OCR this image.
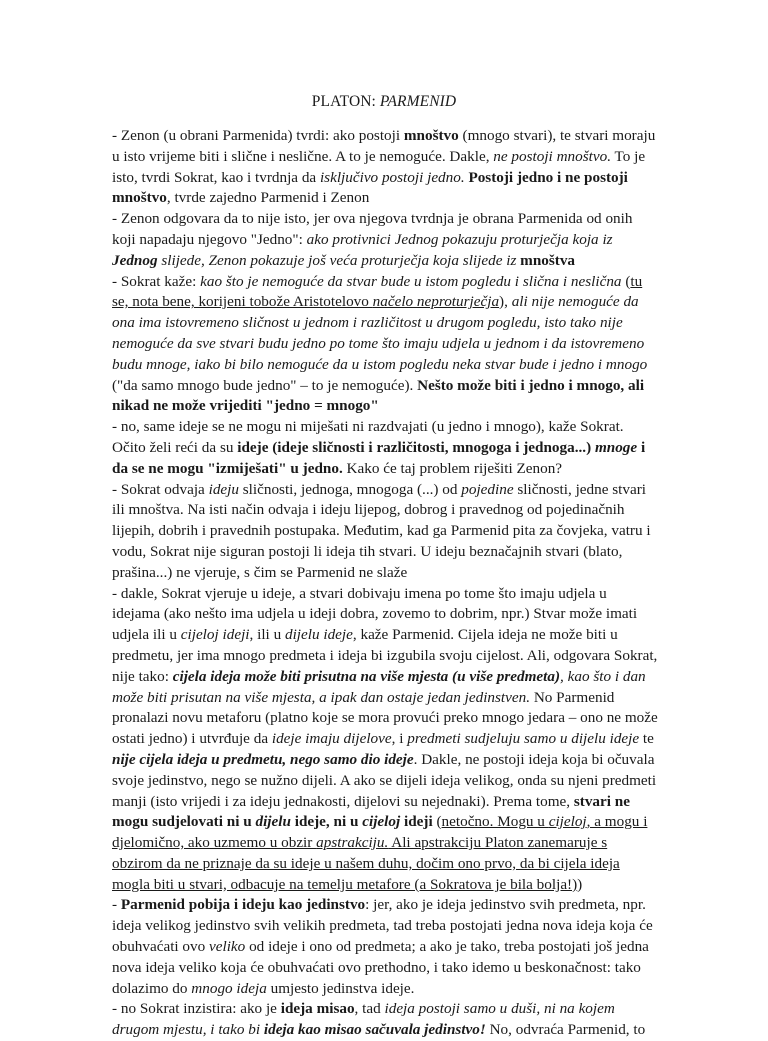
PLATON: PARMENID

- Zenon (u obrani Parmenida) tvrdi: ako postoji mnoštvo (mnogo stvari), te stvari moraju u isto vrijeme biti i slične i neslične. A to je nemoguće. Dakle, ne postoji mnoštvo. To je isto, tvrdi Sokrat, kao i tvrdnja da isključivo postoji jedno. Postoji jedno i ne postoji mnoštvo, tvrde zajedno Parmenid i Zenon

- Zenon odgovara da to nije isto, jer ova njegova tvrdnja je obrana Parmenida od onih koji napadaju njegovo "Jedno": ako protivnici Jednog pokazuju proturječja koja iz Jednog slijede, Zenon pokazuje još veća proturječja koja slijede iz mnoštva

- Sokrat kaže: kao što je nemoguće da stvar bude u istom pogledu i slična i neslična (tu se, nota bene, korijeni tobože Aristotelovo načelo neproturječja), ali nije nemoguće da ona ima istovremeno sličnost u jednom i različitost u drugom pogledu, isto tako nije nemoguće da sve stvari budu jedno po tome što imaju udjela u jednom i da istovremeno budu mnoge, iako bi bilo nemoguće da u istom pogledu neka stvar bude i jedno i mnogo ("da samo mnogo bude jedno" – to je nemoguće). Nešto može biti i jedno i mnogo, ali nikad ne može vrijediti "jedno = mnogo"

- no, same ideje se ne mogu ni miješati ni razdvajati (u jedno i mnogo), kaže Sokrat. Očito želi reći da su ideje (ideje sličnosti i različitosti, mnogoga i jednoga...) mnoge i da se ne mogu "izmiješati" u jedno. Kako će taj problem riješiti Zenon?

- Sokrat odvaja ideju sličnosti, jednoga, mnogoga (...) od pojedine sličnosti, jedne stvari ili mnoštva. Na isti način odvaja i ideju lijepog, dobrog i pravednog od pojedinačnih lijepih, dobrih i pravednih postupaka. Međutim, kad ga Parmenid pita za čovjeka, vatru i vodu, Sokrat nije siguran postoji li ideja tih stvari. U ideju beznačajnih stvari (blato, prašina...) ne vjeruje, s čim se Parmenid ne slaže

- dakle, Sokrat vjeruje u ideje, a stvari dobivaju imena po tome što imaju udjela u idejama (ako nešto ima udjela u ideji dobra, zovemo to dobrim, npr.) Stvar može imati udjela ili u cijeloj ideji, ili u dijelu ideje, kaže Parmenid. Cijela ideja ne može biti u predmetu, jer ima mnogo predmeta i ideja bi izgubila svoju cijelost. Ali, odgovara Sokrat, nije tako: cijela ideja može biti prisutna na više mjesta (u više predmeta), kao što i dan može biti prisutan na više mjesta, a ipak dan ostaje jedan jedinstven. No Parmenid pronalazi novu metaforu (platno koje se mora provući preko mnogo jedara – ono ne može ostati jedno) i utvrđuje da ideje imaju dijelove, i predmeti sudjeluju samo u dijelu ideje te nije cijela ideja u predmetu, nego samo dio ideje. Dakle, ne postoji ideja koja bi očuvala svoje jedinstvo, nego se nužno dijeli. A ako se dijeli ideja velikog, onda su njeni predmeti manji (isto vrijedi i za ideju jednakosti, dijelovi su nejednaki). Prema tome, stvari ne mogu sudjelovati ni u dijelu ideje, ni u cijeloj ideji (netočno. Mogu u cijeloj, a mogu i djelomično, ako uzmemo u obzir apstrakciju. Ali apstrakciju Platon zanemaruje s obzirom da ne priznaje da su ideje u našem duhu, dočim ono prvo, da bi cijela ideja mogla biti u stvari, odbacuje na temelju metafore (a Sokratova je bila bolja!))

- Parmenid pobija i ideju kao jedinstvo: jer, ako je ideja jedinstvo svih predmeta, npr. ideja velikog jedinstvo svih velikih predmeta, tad treba postojati jedna nova ideja koja će obuhvaćati ovo veliko od ideje i ono od predmeta; a ako je tako, treba postojati još jedna nova ideja veliko koja će obuhvaćati ovo prethodno, i tako idemo u beskonačnost: tako dolazimo do mnogo ideja umjesto jedinstva ideje.

- no Sokrat inzistira: ako je ideja misao, tad ideja postoji samo u duši, ni na kojem drugom mjestu, i tako bi ideja kao misao sačuvala jedinstvo! No, odvraća Parmenid, to
